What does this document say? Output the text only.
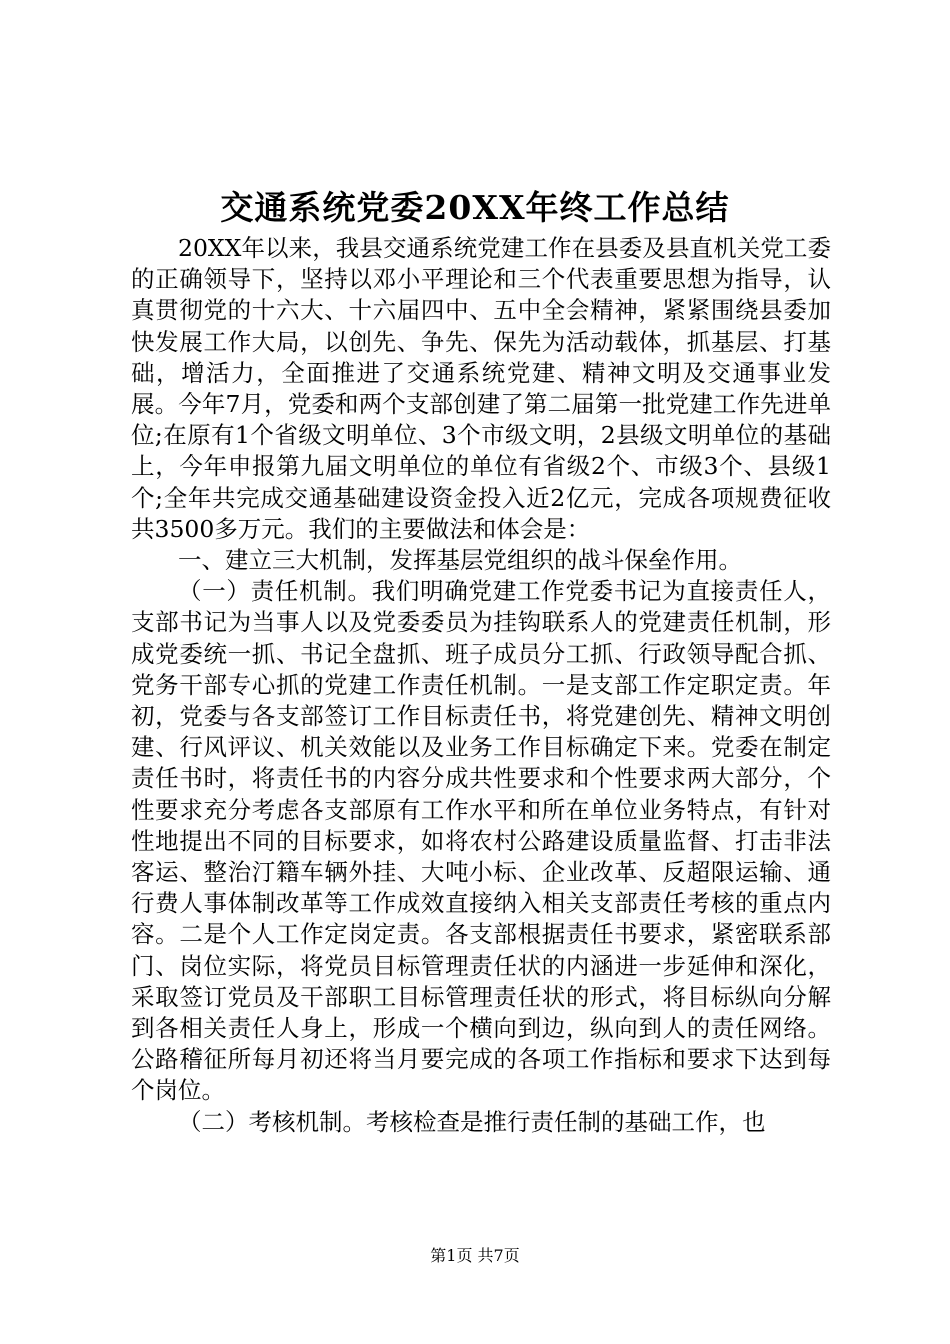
交通系统党委20XX年终工作总结

20XX年以来，我县交通系统党建工作在县委及县直机关党工委的正确领导下，坚持以邓小平理论和三个代表重要思想为指导，认真贯彻党的十六大、十六届四中、五中全会精神，紧紧围绕县委加快发展工作大局，以创先、争先、保先为活动载体，抓基层、打基础，增活力，全面推进了交通系统党建、精神文明及交通事业发展。今年7月，党委和两个支部创建了第二届第一批党建工作先进单位;在原有1个省级文明单位、3个市级文明，2县级文明单位的基础上，今年申报第九届文明单位的单位有省级2个、市级3个、县级1个;全年共完成交通基础建设资金投入近2亿元，完成各项规费征收共3500多万元。我们的主要做法和体会是：

一、建立三大机制，发挥基层党组织的战斗保垒作用。

（一）责任机制。我们明确党建工作党委书记为直接责任人，支部书记为当事人以及党委委员为挂钩联系人的党建责任机制，形成党委统一抓、书记全盘抓、班子成员分工抓、行政领导配合抓、党务干部专心抓的党建工作责任机制。一是支部工作定职定责。年初，党委与各支部签订工作目标责任书，将党建创先、精神文明创建、行风评议、机关效能以及业务工作目标确定下来。党委在制定责任书时，将责任书的内容分成共性要求和个性要求两大部分，个性要求充分考虑各支部原有工作水平和所在单位业务特点，有针对性地提出不同的目标要求，如将农村公路建设质量监督、打击非法客运、整治汀籍车辆外挂、大吨小标、企业改革、反超限运输、通行费人事体制改革等工作成效直接纳入相关支部责任考核的重点内容。二是个人工作定岗定责。各支部根据责任书要求，紧密联系部门、岗位实际，将党员目标管理责任状的内涵进一步延伸和深化，采取签订党员及干部职工目标管理责任状的形式，将目标纵向分解到各相关责任人身上，形成一个横向到边，纵向到人的责任网络。公路稽征所每月初还将当月要完成的各项工作指标和要求下达到每个岗位。

（二）考核机制。考核检查是推行责任制的基础工作，也

第1页 共7页
